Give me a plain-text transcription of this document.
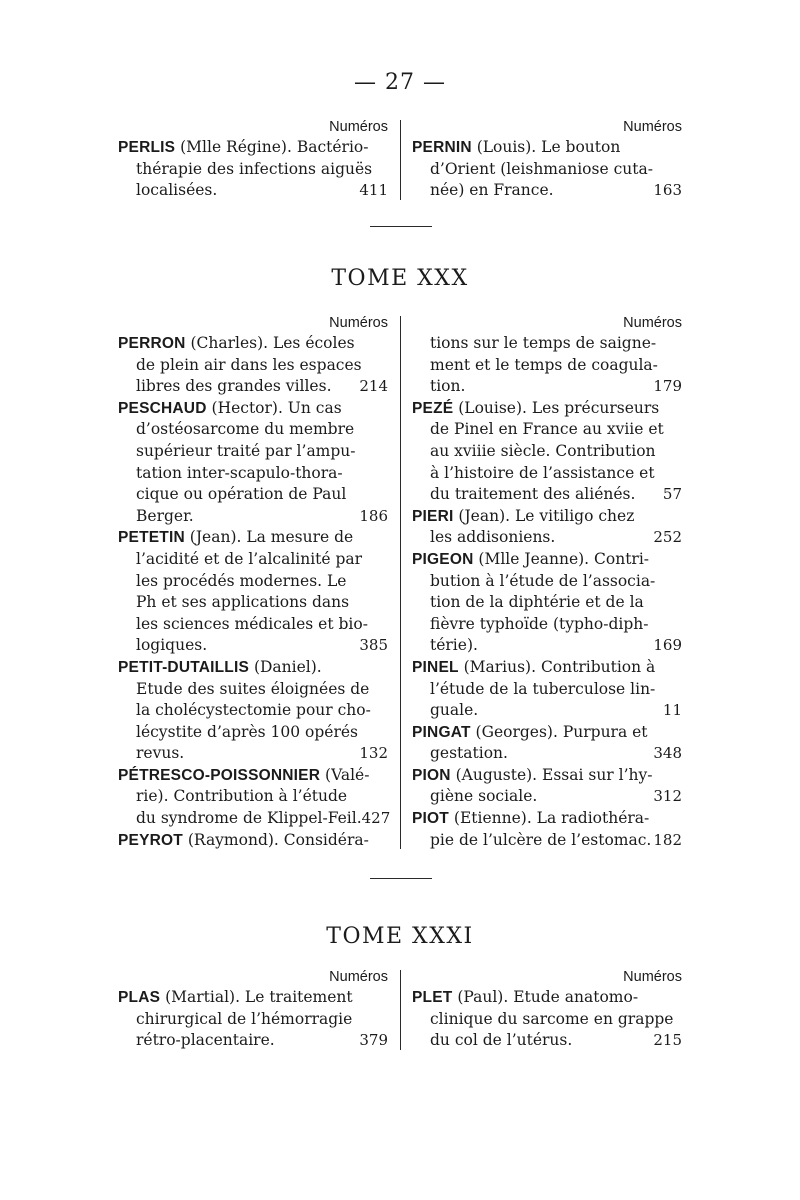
— 27 —
Numéros
PERLIS (Mlle Régine). Bactério-
thérapie des infections aiguës
localisées.	411
Numéros
PERNIN (Louis). Le bouton
d’Orient (leishmaniose cuta-
née) en France.	163
TOME XXX
Numéros
PERRON (Charles). Les écoles
de plein air dans les espaces
libres des grandes villes. 214
PESCHAUD (Hector). Un cas
d’ostéosarcome du membre
supérieur traité par l’ampu-
tation inter-scapulo-thora-
cique ou opération de Paul
Berger.	186
PETETIN (Jean). La mesure de
l’acidité et de l’alcalinité par
les procédés modernes. Le
Ph et ses applications dans
les sciences médicales et bio-
logiques.	385
PETIT-DUTAILLIS (Daniel).
Etude des suites éloignées de
la cholécystectomie pour cho-
lécystite d’après 100 opérés
revus.	132
PÉTRESCO-POISSONNIER (Valé-
rie). Contribution à l’étude
du syndrome de Klippel-Feil. 427
PEYROT (Raymond). Considéra-
Numéros
tions sur le temps de saigne-
ment et le temps de coagula-
tion.	179
PEZÉ (Louise). Les précurseurs
de Pinel en France au xviie et
au xviiie siècle. Contribution
à l’histoire de l’assistance et
du traitement des aliénés. 57
PIERI (Jean). Le vitiligo chez
les addisoniens.	252
PIGEON (Mlle Jeanne). Contri-
bution à l’étude de l’associa-
tion de la diphtérie et de la
fièvre typhoïde (typho-diph-
térie).	169
PINEL (Marius). Contribution à
l’étude de la tuberculose lin-
guale.	11
PINGAT (Georges). Purpura et
gestation.	348
PION (Auguste). Essai sur l’hy-
giène sociale.	312
PIOT (Etienne). La radiothéra-
pie de l’ulcère de l’estomac. 182
TOME XXXI
Numéros
PLAS (Martial). Le traitement
chirurgical de l’hémorragie
rétro-placentaire.	379
Numéros
PLET (Paul). Etude anatomo-
clinique du sarcome en grappe
du col de l’utérus.	215
